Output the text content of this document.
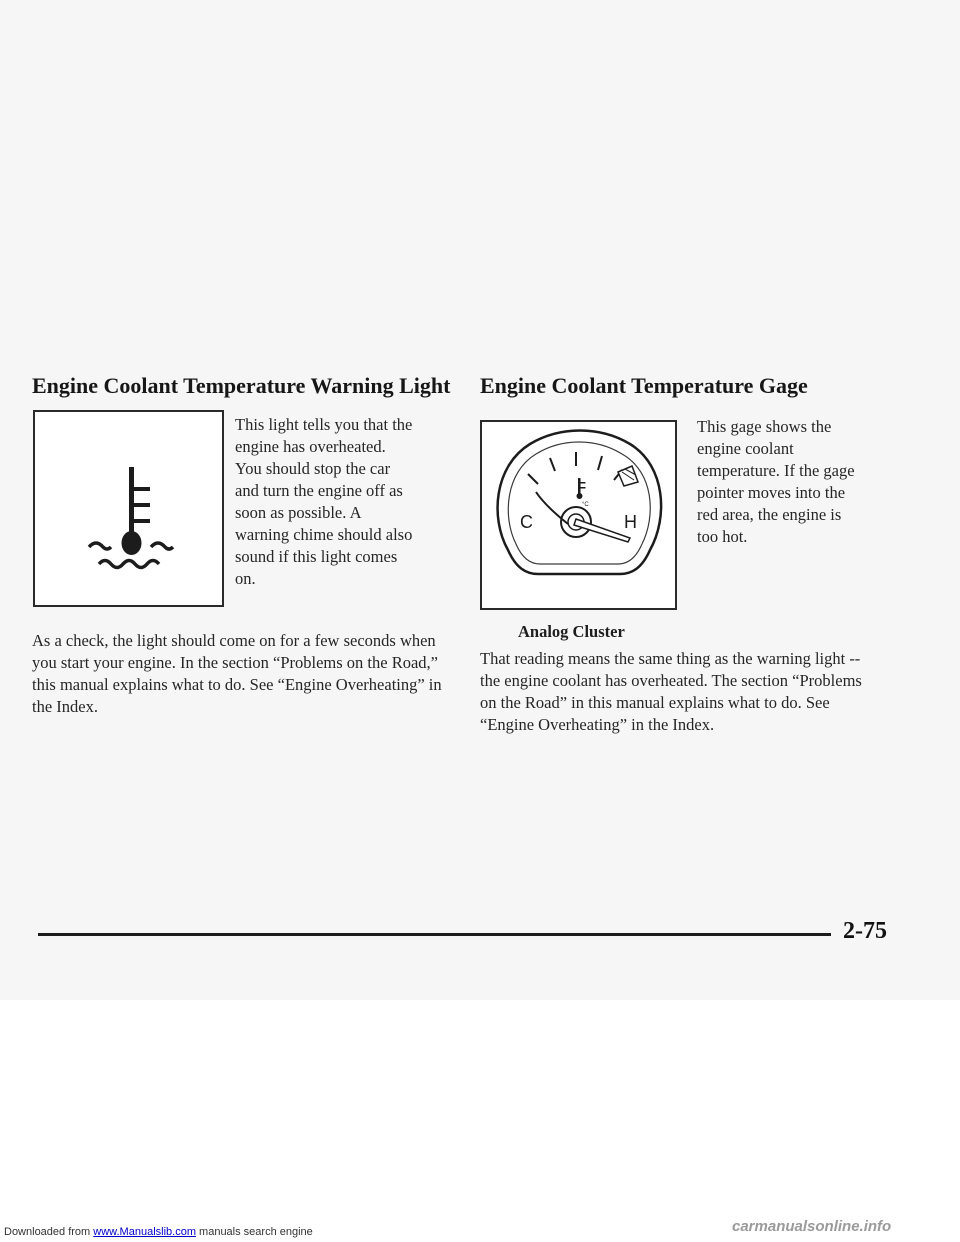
Engine Coolant Temperature Warning Light

This light tells you that the engine has overheated. You should stop the car and turn the engine off as soon as possible. A warning chime should also sound if this light comes on.

As a check, the light should come on for a few seconds when you start your engine. In the section “Problems on the Road,” this manual explains what to do. See “Engine Overheating” in the Index.

Engine Coolant Temperature Gage
°C
C	H

This gage shows the engine coolant temperature. If the gage pointer moves into the red area, the engine is too hot.

Analog Cluster

That reading means the same thing as the warning light -- the engine coolant has overheated. The section “Problems on the Road” in this manual explains what to do. See “Engine Overheating” in the Index.

2-75
Downloaded from www.Manualslib.com manuals search engine	carmanualsonline.info
